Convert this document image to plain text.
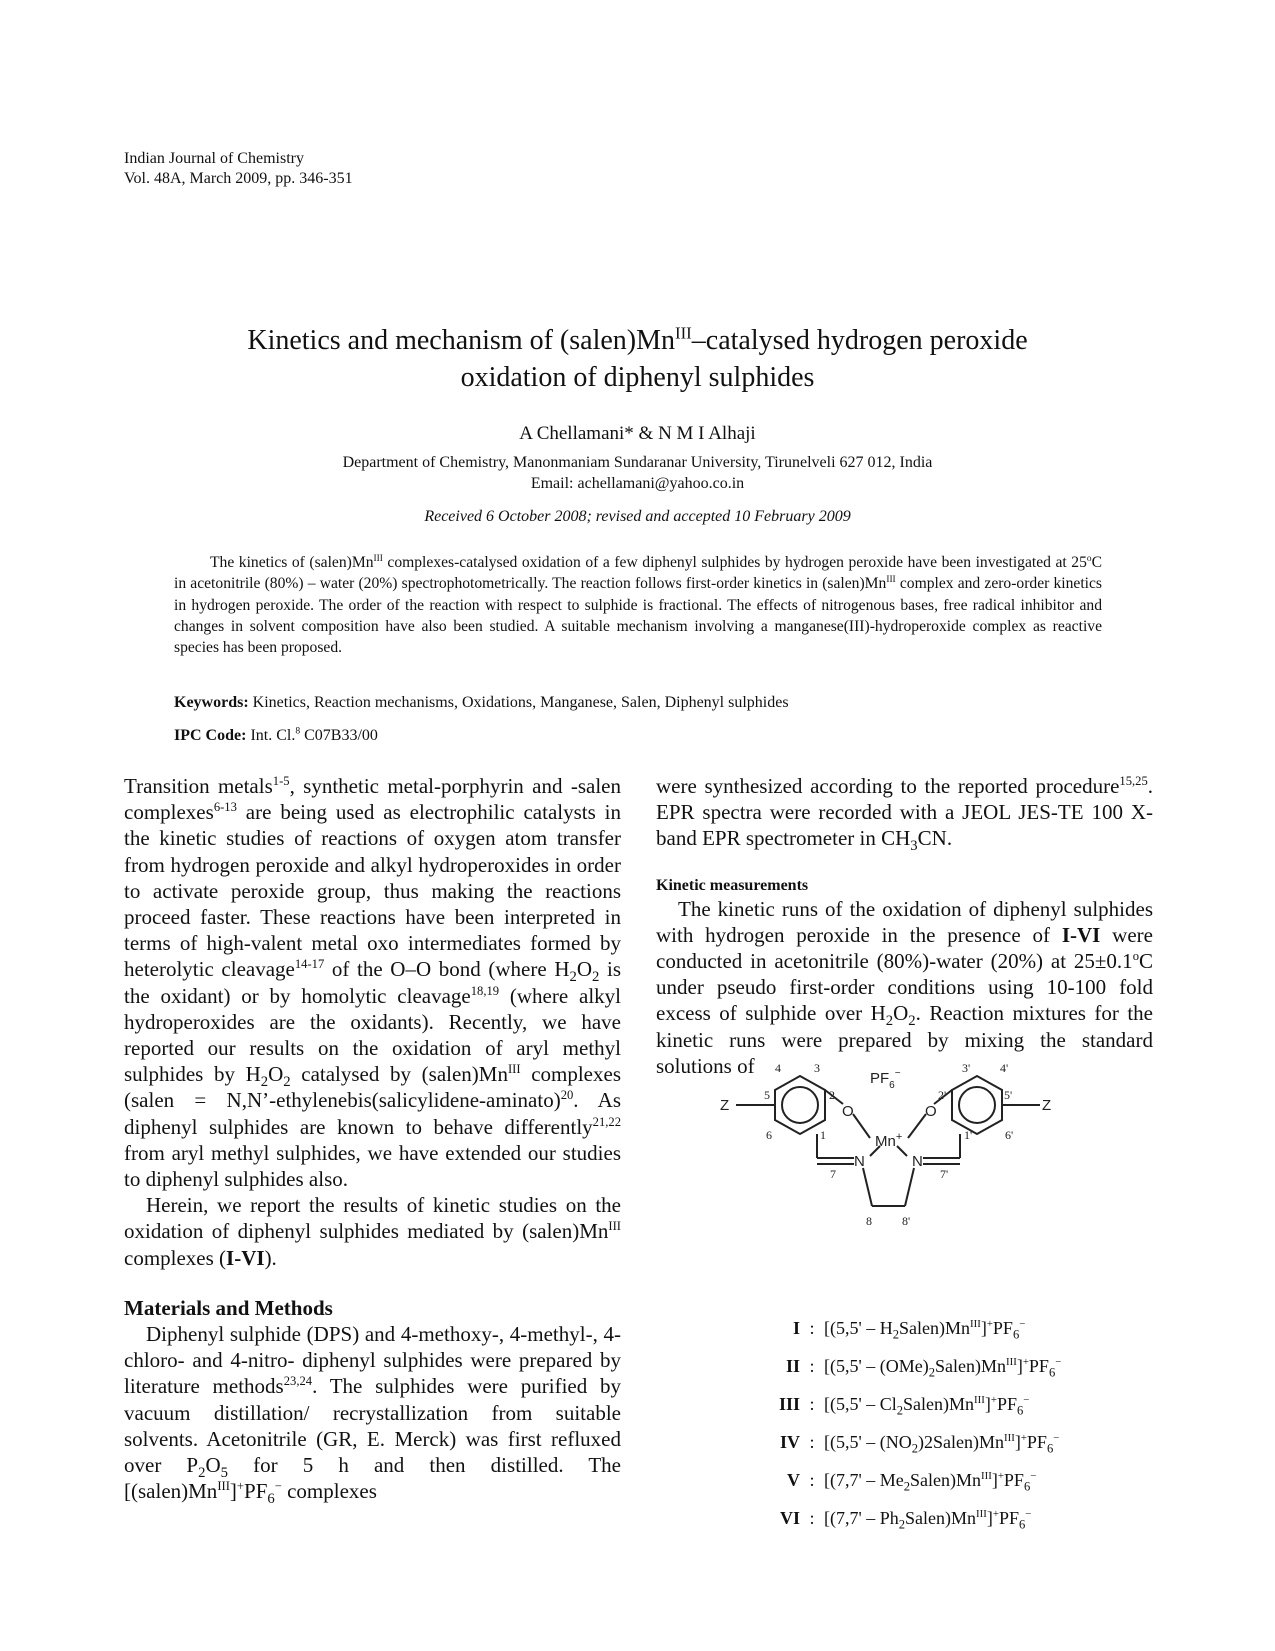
Indian Journal of Chemistry
Vol. 48A, March 2009, pp. 346-351
Kinetics and mechanism of $(salen)Mn^{III}$–catalysed hydrogen peroxide
oxidation of diphenyl sulphides
A Chellamani* & N M I Alhaji
Department of Chemistry, Manonmaniam Sundaranar University, Tirunelveli 627 012, India
Email: achellamani@yahoo.co.in
Received 6 October 2008; revised and accepted 10 February 2009
The kinetics of $(salen)Mn^{III}$ complexes-catalysed oxidation of a few diphenyl sulphides by hydrogen peroxide have been investigated at 25$^o$C in acetonitrile (80%) – water (20%) spectrophotometrically. The reaction follows first-order kinetics in $(salen)Mn^{III}$ complex and zero-order kinetics in hydrogen peroxide. The order of the reaction with respect to sulphide is fractional. The effects of nitrogenous bases, free radical inhibitor and changes in solvent composition have also been studied. A suitable mechanism involving a manganese(III)-hydroperoxide complex as reactive species has been proposed.
Keywords: Kinetics, Reaction mechanisms, Oxidations, Manganese, Salen, Diphenyl sulphides
IPC Code: Int. Cl.$^8$ C07B33/00

Transition metals$^{1-5}$, synthetic metal-porphyrin and -salen complexes$^{6-13}$ are being used as electrophilic catalysts in the kinetic studies of reactions of oxygen atom transfer from hydrogen peroxide and alkyl hydroperoxides in order to activate peroxide group, thus making the reactions proceed faster. These reactions have been interpreted in terms of high-valent metal oxo intermediates formed by heterolytic cleavage$^{14-17}$ of the O–O bond (where $H_2O_2$ is the oxidant) or by homolytic cleavage$^{18,19}$ (where alkyl hydroperoxides are the oxidants). Recently, we have reported our results on the oxidation of aryl methyl sulphides by $H_2O_2$ catalysed by $(salen)Mn^{III}$ complexes (salen = N,N’-ethylenebis(salicylidene-aminato)$^{20}$. As diphenyl sulphides are known to behave differently$^{21,22}$ from aryl methyl sulphides, we have extended our studies to diphenyl sulphides also.

Herein, we report the results of kinetic studies on the oxidation of diphenyl sulphides mediated by $(salen)Mn^{III}$ complexes (I-VI).

Materials and Methods

Diphenyl sulphide (DPS) and 4-methoxy-, 4-methyl-, 4-chloro- and 4-nitro- diphenyl sulphides were prepared by literature methods$^{23,24}$. The sulphides were purified by vacuum distillation/ recrystallization from suitable solvents. Acetonitrile (GR, E. Merck) was first refluxed over $P_2O_5$ for 5 h and then distilled. The $[(salen)Mn^{III}]^+PF_6^-$ complexes

were synthesized according to the reported procedure$^{15,25}$. EPR spectra were recorded with a JEOL JES-TE 100 X-band EPR spectrometer in $CH_3CN$.

Kinetic measurements

The kinetic runs of the oxidation of diphenyl sulphides with hydrogen peroxide in the presence of I-VI were conducted in acetonitrile (80%)-water (20%) at $25\pm 0.1^oC$ under pseudo first-order conditions using 10-100 fold excess of sulphide over $H_2O_2$. Reaction mixtures for the kinetic runs were prepared by mixing the standard solutions of

Z	Z
O	O
N	N
Mn+
$PF_6^-$
4	3
5	2
6	1
7
8
3' 4'
2'	5'
1'	6'
7'
8'
I : $[(5,5' - H_2Salen)Mn^{III}]^+PF_6^-$
II : $[(5,5' - (OMe)_2Salen)Mn^{III}]^+PF_6^-$
III : $[(5,5' - Cl_2Salen)Mn^{III}]^+PF_6^-$
IV : $[(5,5' - (NO_2)2Salen)Mn^{III}]^+PF_6^-$
V : $[(7,7' - Me_2Salen)Mn^{III}]^+PF_6^-$
VI : $[(7,7' - Ph_2Salen)Mn^{III}]^+PF_6^-$
